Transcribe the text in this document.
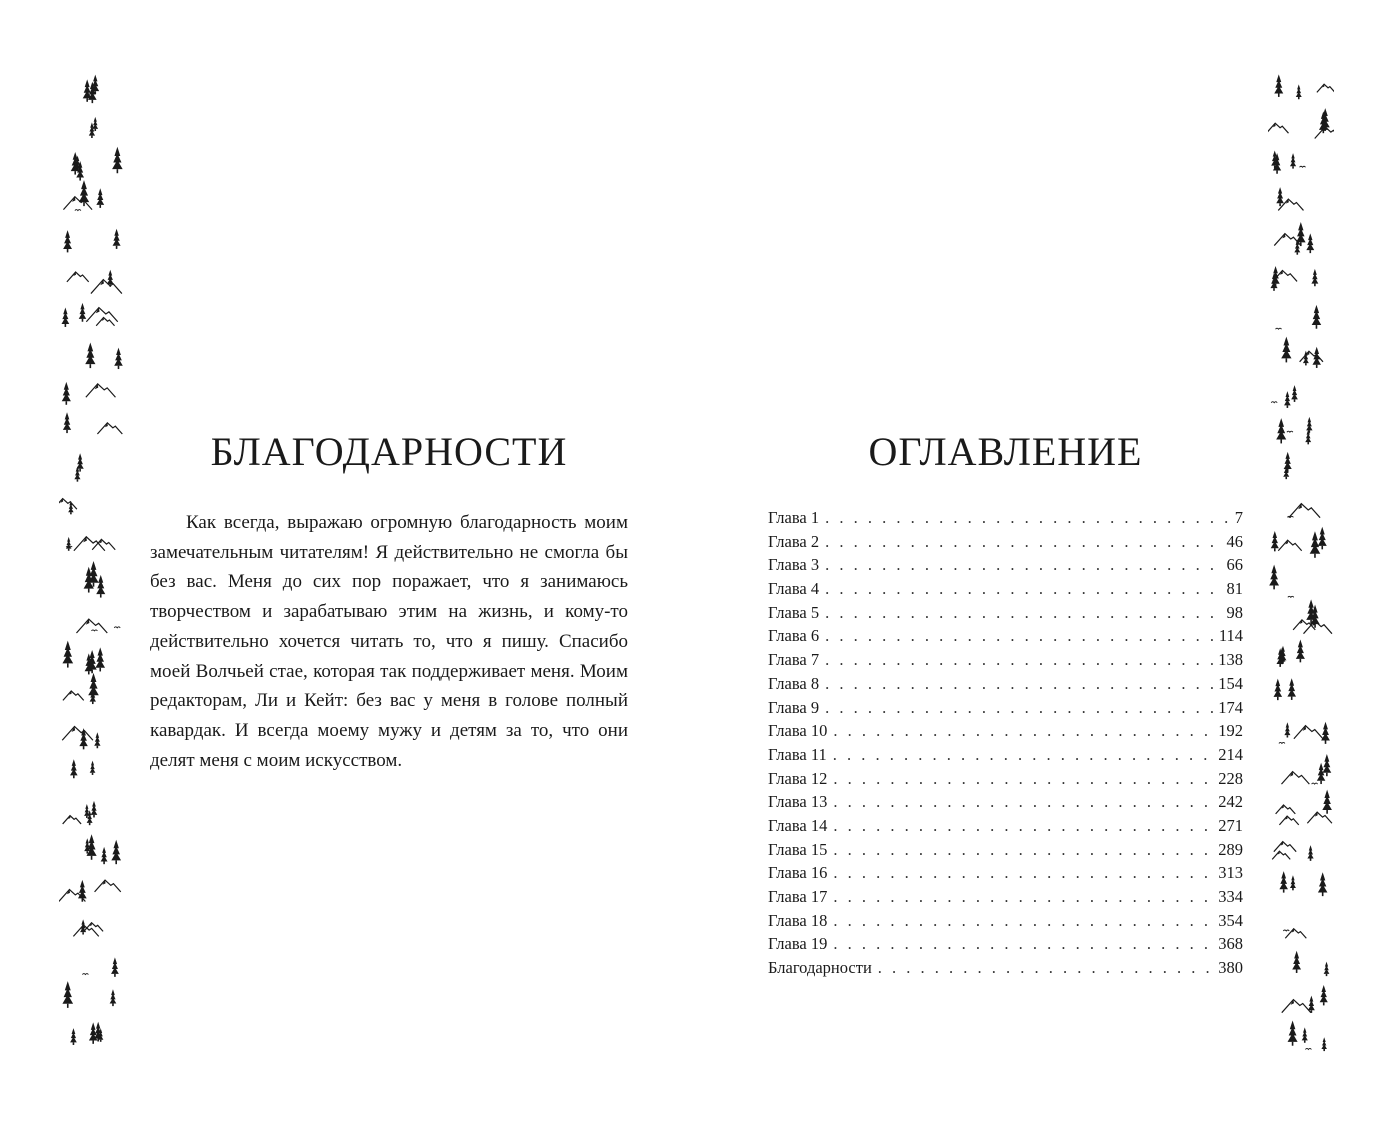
БЛАГОДАРНОСТИ

Как всегда, выражаю огромную благодарность моим замечательным читателям! Я действительно не смогла бы без вас. Меня до сих пор поражает, что я занимаюсь творчеством и зарабатываю этим на жизнь, и кому-то действительно хочется читать то, что я пишу. Спасибо моей Волчьей стае, которая так поддерживает меня. Моим редакторам, Ли и Кейт: без вас у меня в голове полный кавардак. И всегда моему мужу и детям за то, что они делят меня с моим искусством.

ОГЛАВЛЕНИЕ
Глава 1 . . .	7
Глава 2 . . .	46
Глава 3 . . .	66
Глава 4 . . .	81
Глава 5 . . .	98
Глава 6 . . .	114
Глава 7 . . .	138
Глава 8 . . .	154
Глава 9 . . .	174
Глава 10 . . .	192
Глава 11 . . .	214
Глава 12 . . .	228
Глава 13 . . .	242
Глава 14 . . .	271
Глава 15 . . .	289
Глава 16 . . .	313
Глава 17 . . .	334
Глава 18 . . .	354
Глава 19 . . .	368
Благодарности . . .	380
